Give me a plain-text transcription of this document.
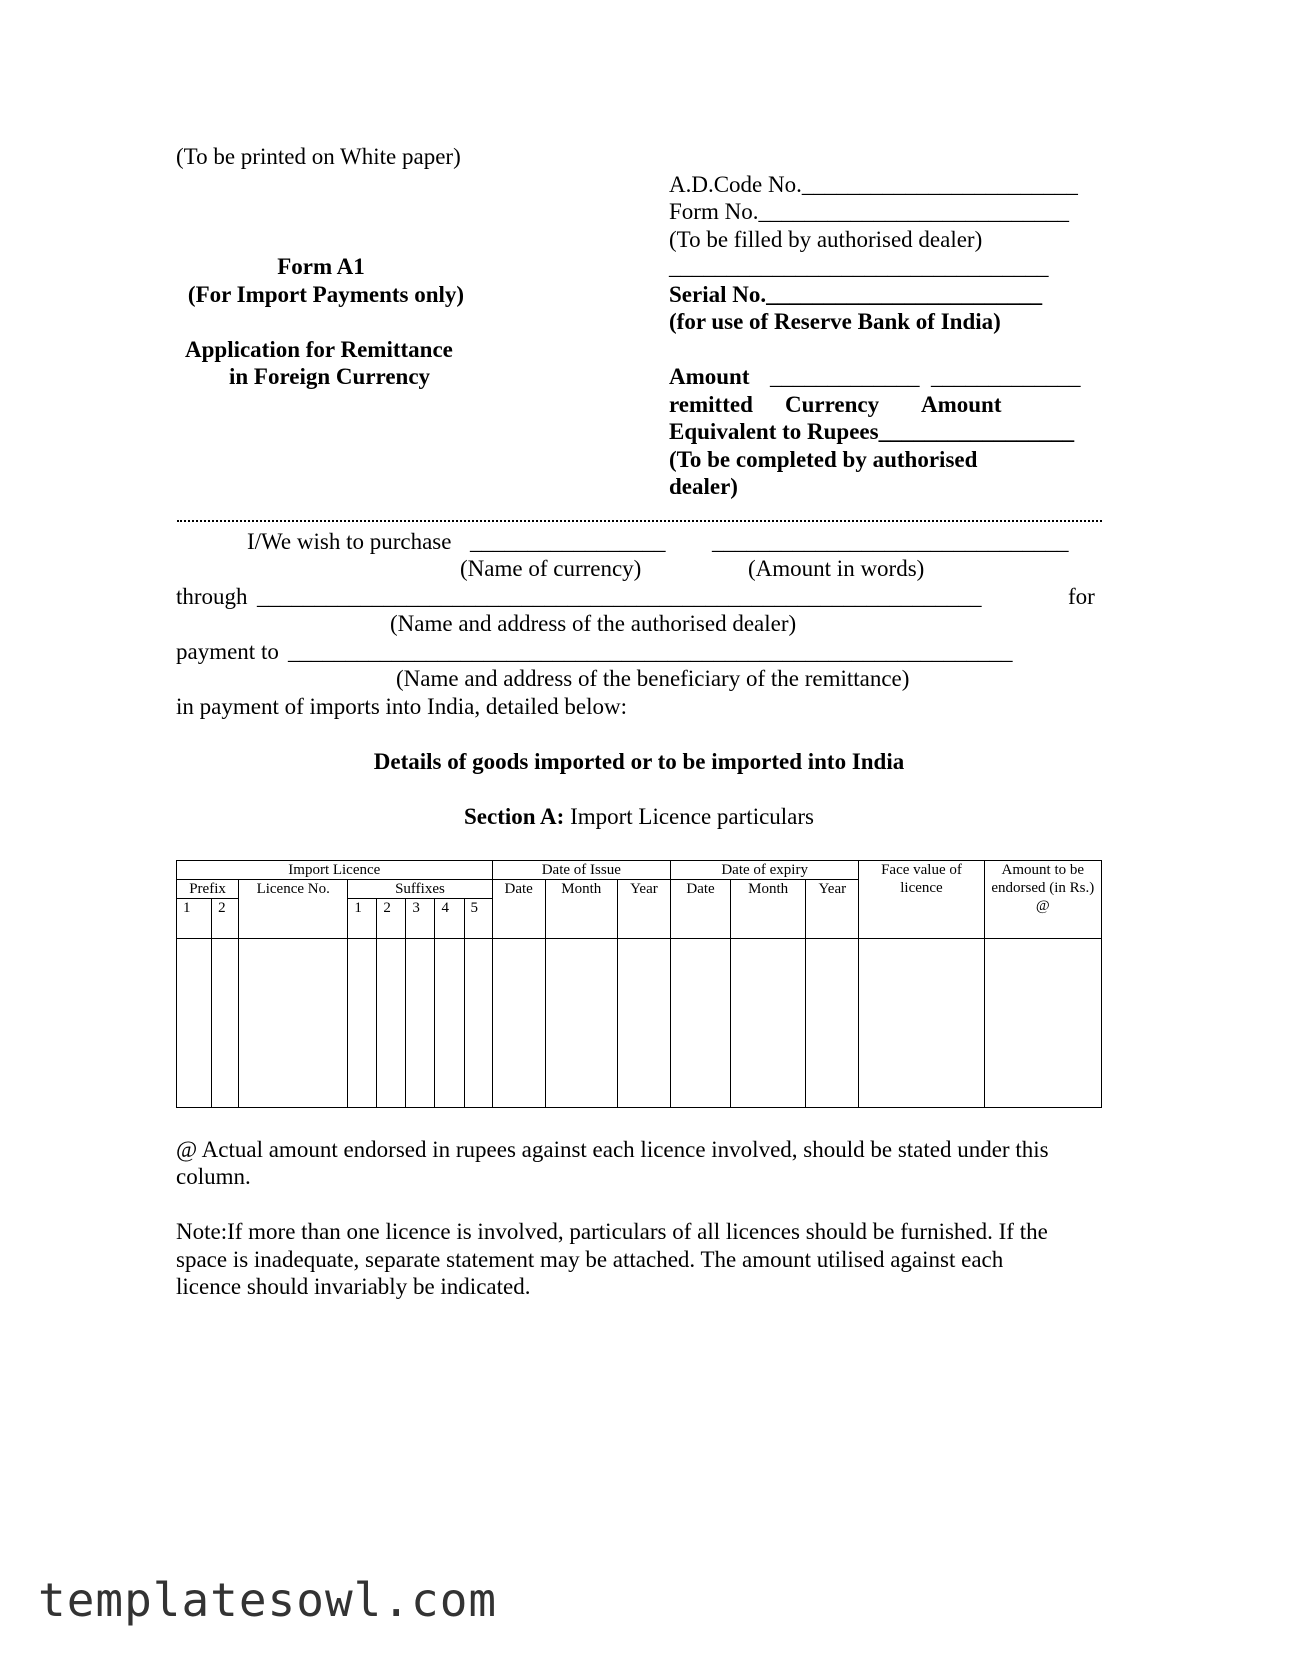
(To be printed on White paper)
A.D.Code No.________________________
Form No.___________________________
(To be filled by authorised dealer)
_________________________________
Serial No.________________________
(for use of Reserve Bank of India)
Amount _____________ _____________
remitted Currency Amount
Equivalent to Rupees_________________
(To be completed by authorised
dealer)
Form A1
(For Import Payments only)
Application for Remittance
in Foreign Currency
I/We wish to purchase _________________ _______________________________
(Name of currency)	(Amount in words)
through _______________________________________________________________	for
(Name and address of the authorised dealer)
payment to _______________________________________________________________
(Name and address of the beneficiary of the remittance)
in payment of imports into India, detailed below:
Details of goods imported or to be imported into India
Section A: Import Licence particulars
Import Licence								Date of Issue			Date of expiry			Face value of licence	Amount to be endorsed (in Rs.) @
Prefix		Licence No.	Suffixes					Date	Month	Year	Date	Month	Year		
1	2		1	2	3	4	5								

@ Actual amount endorsed in rupees against each licence involved, should be stated under this
column.
Note:If more than one licence is involved, particulars of all licences should be furnished. If the
space is inadequate, separate statement may be attached. The amount utilised against each
licence should invariably be indicated.
templatesowl.com
